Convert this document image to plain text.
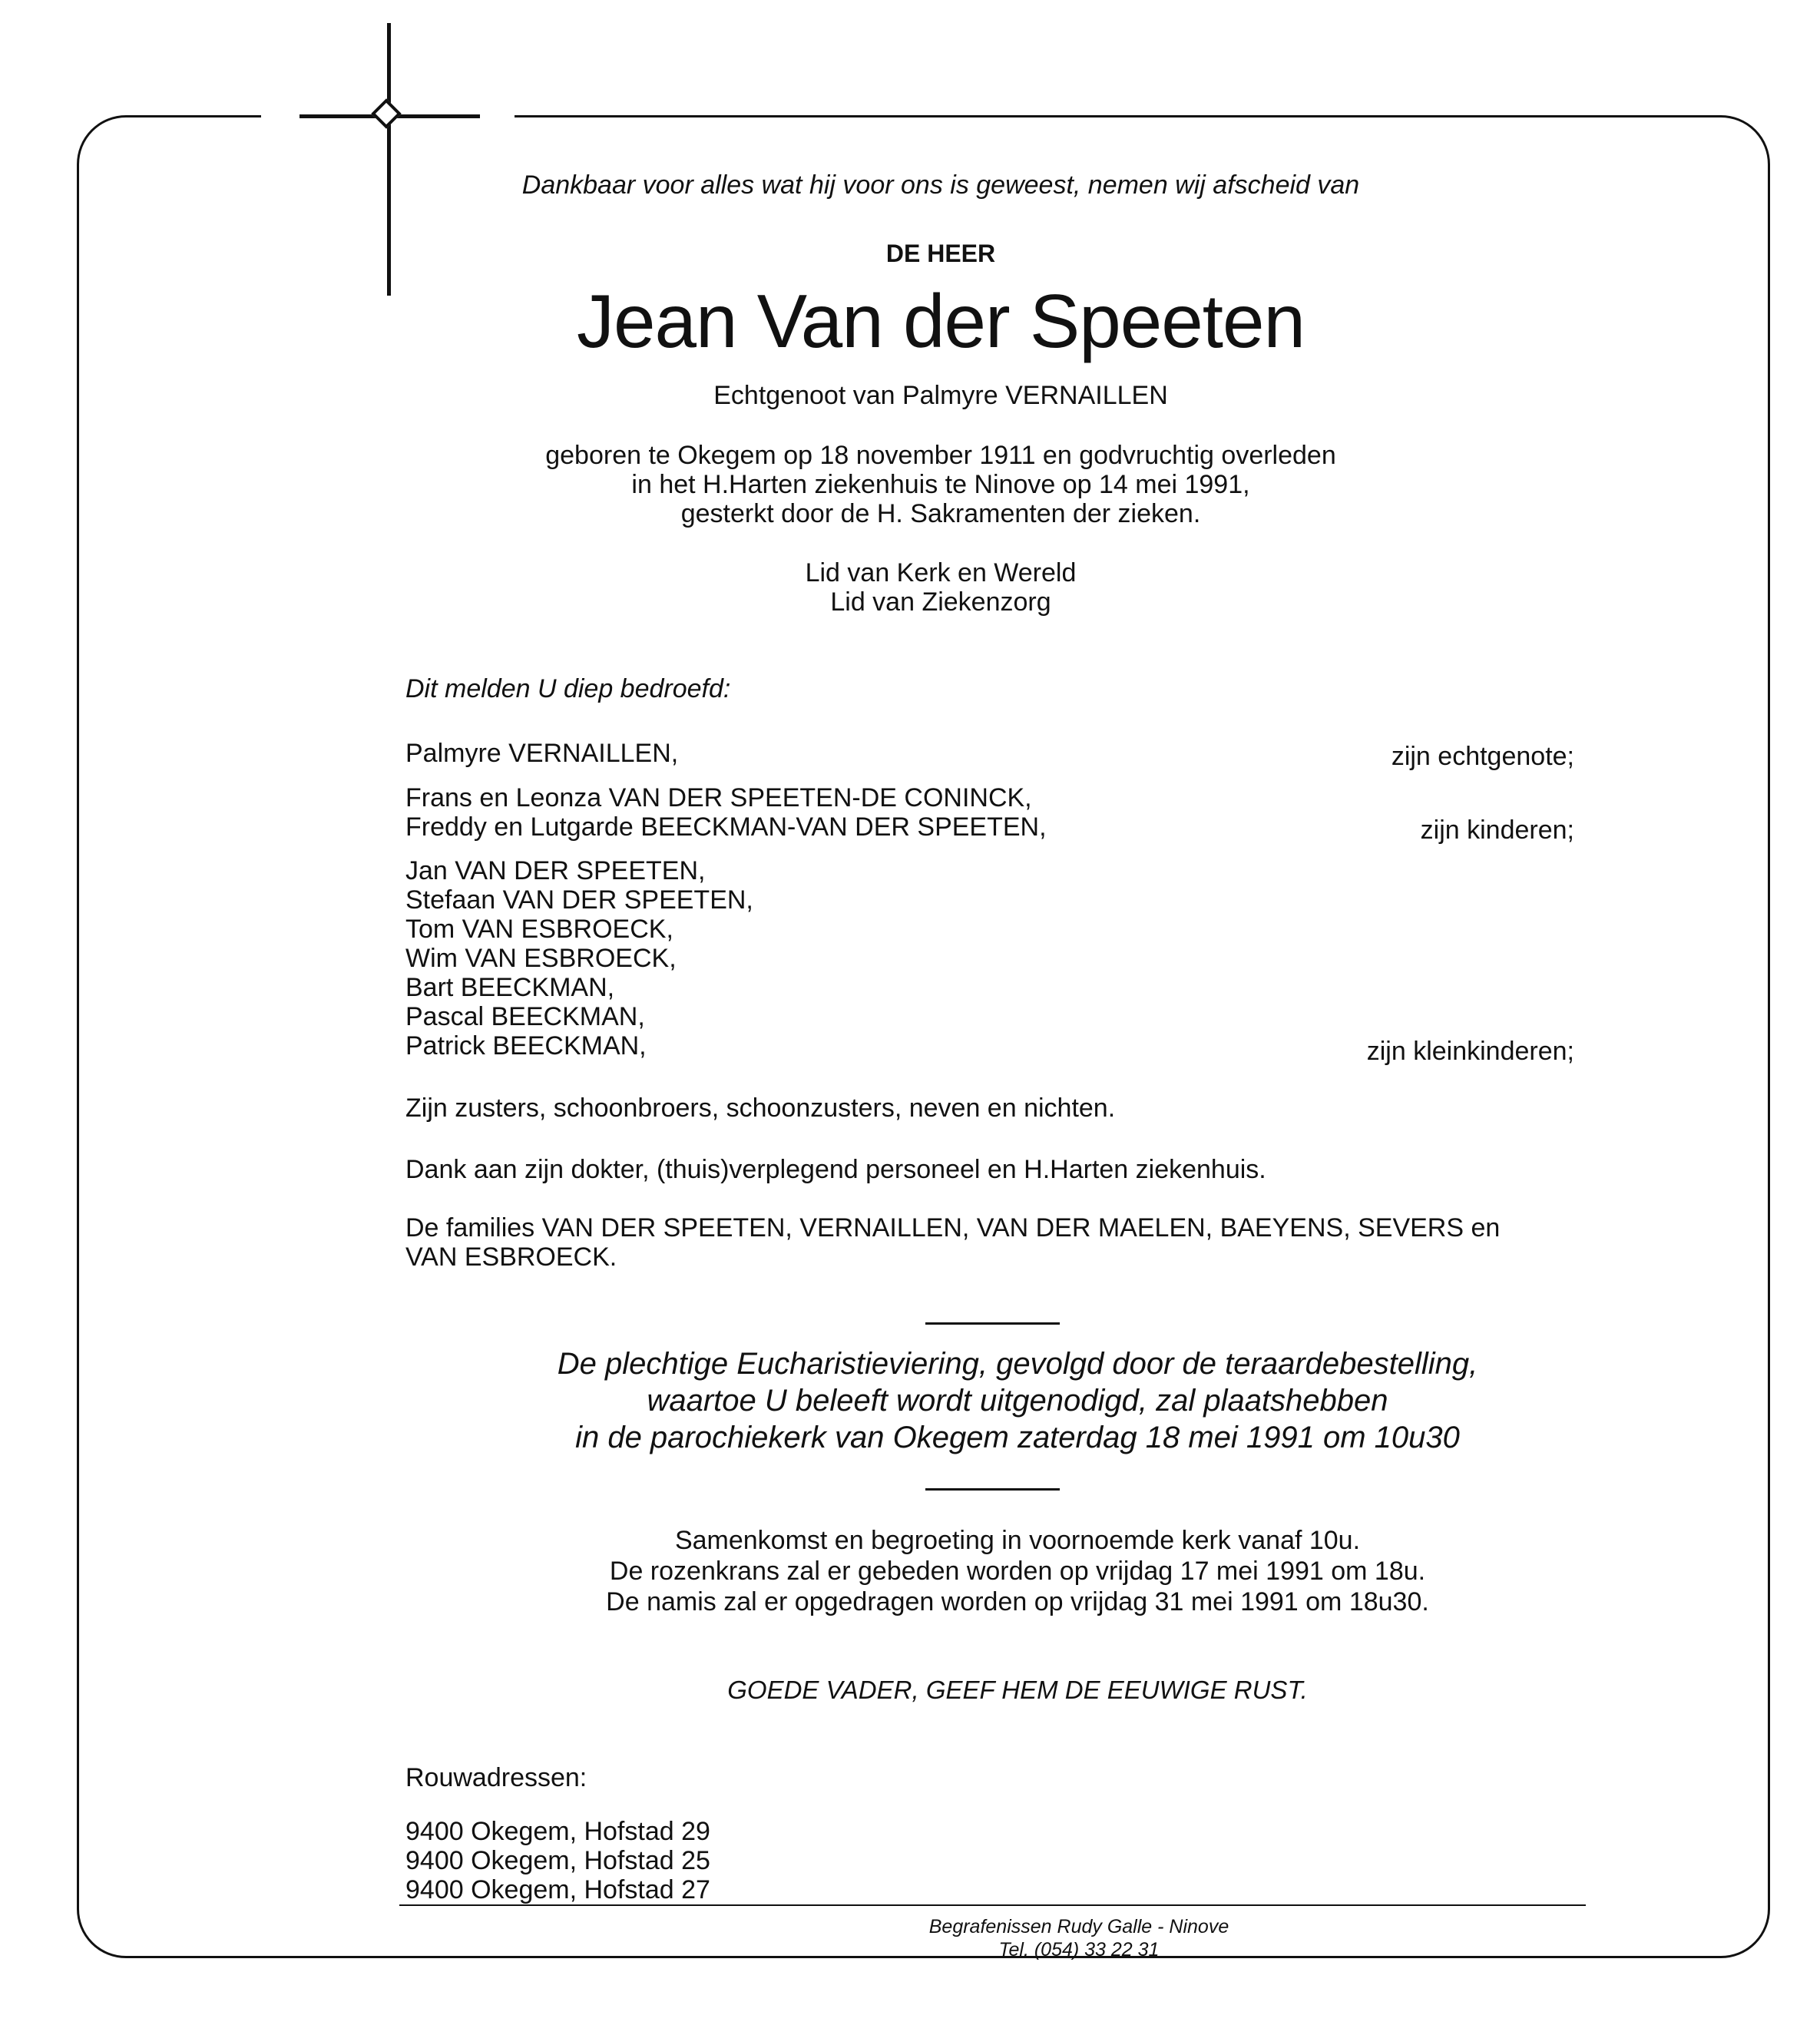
Dankbaar voor alles wat hij voor ons is geweest, nemen wij afscheid van
DE HEER
Jean Van der Speeten
Echtgenoot van Palmyre VERNAILLEN
geboren te Okegem op 18 november 1911 en godvruchtig overleden
in het H.Harten ziekenhuis te Ninove op 14 mei 1991,
gesterkt door de H. Sakramenten der zieken.
Lid van Kerk en Wereld
Lid van Ziekenzorg
Dit melden U diep bedroefd:
Palmyre VERNAILLEN,	zijn echtgenote;
Frans en Leonza VAN DER SPEETEN-DE CONINCK,
Freddy en Lutgarde BEECKMAN-VAN DER SPEETEN,	zijn kinderen;
Jan VAN DER SPEETEN,
Stefaan VAN DER SPEETEN,
Tom VAN ESBROECK,
Wim VAN ESBROECK,
Bart BEECKMAN,
Pascal BEECKMAN,
Patrick BEECKMAN,	zijn kleinkinderen;
Zijn zusters, schoonbroers, schoonzusters, neven en nichten.
Dank aan zijn dokter, (thuis)verplegend personeel en H.Harten ziekenhuis.
De families VAN DER SPEETEN, VERNAILLEN, VAN DER MAELEN, BAEYENS, SEVERS en
VAN ESBROECK.
De plechtige Eucharistieviering, gevolgd door de teraardebestelling,
waartoe U beleeft wordt uitgenodigd, zal plaatshebben
in de parochiekerk van Okegem zaterdag 18 mei 1991 om 10u30
Samenkomst en begroeting in voornoemde kerk vanaf 10u.
De rozenkrans zal er gebeden worden op vrijdag 17 mei 1991 om 18u.
De namis zal er opgedragen worden op vrijdag 31 mei 1991 om 18u30.
GOEDE VADER, GEEF HEM DE EEUWIGE RUST.
Rouwadressen:
9400 Okegem, Hofstad 29
9400 Okegem, Hofstad 25
9400 Okegem, Hofstad 27
Begrafenissen Rudy Galle - Ninove
Tel. (054) 33 22 31
